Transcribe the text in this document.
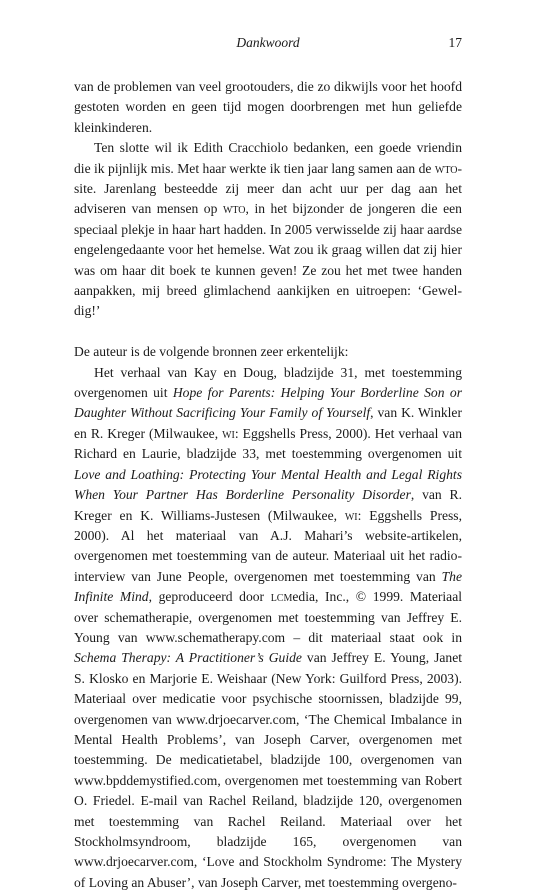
Dankwoord	17

van de problemen van veel grootouders, die zo dikwijls voor het hoofd gestoten worden en geen tijd mogen doorbrengen met hun geliefde kleinkinderen.

Ten slotte wil ik Edith Cracchiolo bedanken, een goede vriendin die ik pijnlijk mis. Met haar werkte ik tien jaar lang samen aan de wto-site. Jarenlang besteedde zij meer dan acht uur per dag aan het adviseren van mensen op wto, in het bijzonder de jongeren die een speciaal plekje in haar hart hadden. In 2005 verwisselde zij haar aardse engelengedaante voor het hemelse. Wat zou ik graag willen dat zij hier was om haar dit boek te kunnen geven! Ze zou het met twee handen aanpakken, mij breed glimlachend aankijken en uitroepen: ‘Gewel-dig!’

De auteur is de volgende bronnen zeer erkentelijk:

Het verhaal van Kay en Doug, bladzijde 31, met toestemming overgenomen uit Hope for Parents: Helping Your Borderline Son or Daughter Without Sacrificing Your Family of Yourself, van K. Winkler en R. Kreger (Milwaukee, wi: Eggshells Press, 2000). Het verhaal van Richard en Laurie, bladzijde 33, met toestemming overgenomen uit Love and Loathing: Protecting Your Mental Health and Legal Rights When Your Partner Has Borderline Personality Disorder, van R. Kreger en K. Williams-Justesen (Milwaukee, wi: Eggshells Press, 2000). Al het materiaal van A.J. Mahari’s website-artikelen, overgenomen met toestemming van de auteur. Materiaal uit het radio-interview van June People, overgenomen met toestemming van The Infinite Mind, geproduceerd door lcmedia, Inc., © 1999. Materiaal over schematherapie, overgenomen met toestemming van Jeffrey E. Young van www.schematherapy.com – dit materiaal staat ook in Schema Therapy: A Practitioner’s Guide van Jeffrey E. Young, Janet S. Klosko en Marjorie E. Weishaar (New York: Guilford Press, 2003). Materiaal over medicatie voor psychische stoornissen, bladzijde 99, overgenomen van www.drjoecarver.com, ‘The Chemical Imbalance in Mental Health Problems’, van Joseph Carver, overgenomen met toestemming. De medicatietabel, bladzijde 100, overgenomen van www.bpddemystified.com, overgenomen met toestemming van Robert O. Friedel. E-mail van Rachel Reiland, bladzijde 120, overgenomen met toestemming van Rachel Reiland. Materiaal over het Stockholmsyndroom, bladzijde 165, overgenomen van www.drjoecarver.com, ‘Love and Stockholm Syndrome: The Mystery of Loving an Abuser’, van Joseph Carver, met toestemming overgeno-
